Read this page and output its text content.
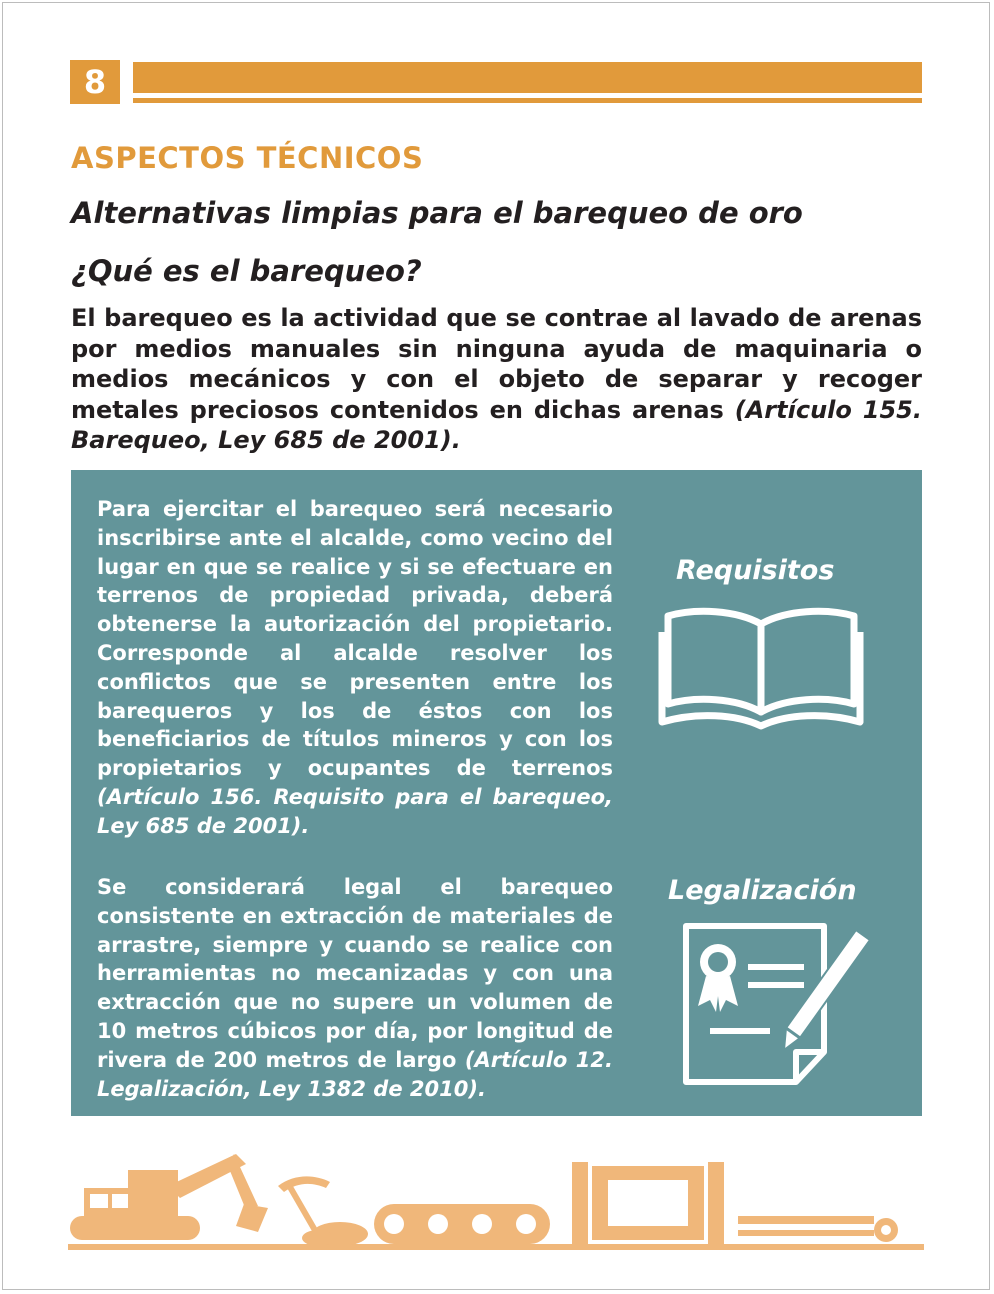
8
ASPECTOS TÉCNICOS
Alternativas limpias para el barequeo de oro
¿Qué es el barequeo?

El barequeo es la actividad que se contrae al lavado de arenas por medios manuales sin ninguna ayuda de maquinaria o medios mecánicos y con el objeto de separar y recoger metales preciosos contenidos en dichas arenas (Artículo 155. Barequeo, Ley 685 de 2001).

Para ejercitar el barequeo será necesario inscribirse ante el alcalde, como vecino del lugar en que se realice y si se efectuare en terrenos de propiedad privada, deberá obtenerse la autorización del propietario. Corresponde al alcalde resolver los conflictos que se presenten entre los barequeros y los de éstos con los beneficiarios de títulos mineros y con los propietarios y ocupantes de terrenos (Artículo 156. Requisito para el barequeo, Ley 685 de 2001).

Se considerará legal el barequeo consistente en extracción de materiales de arrastre, siempre y cuando se realice con herramientas no mecanizadas y con una extracción que no supere un volumen de 10 metros cúbicos por día, por longitud de rivera de 200 metros de largo (Artículo 12. Legalización, Ley 1382 de 2010).

Requisitos
Legalización
